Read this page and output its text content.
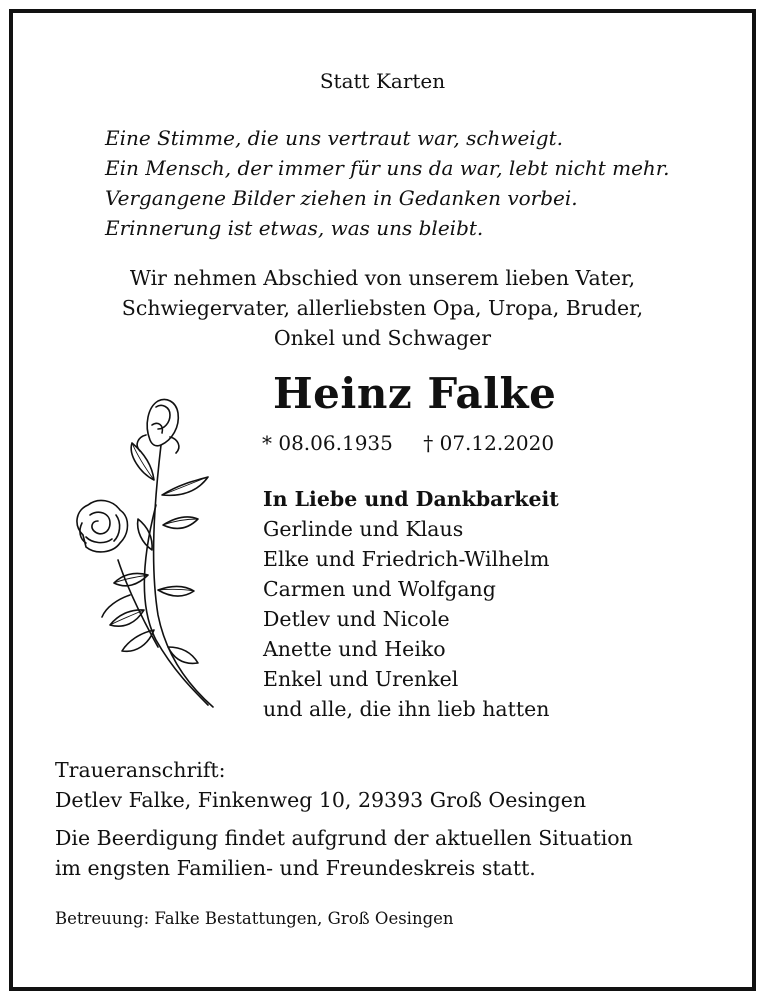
Statt Karten
Eine Stimme, die uns vertraut war, schweigt.
Ein Mensch, der immer für uns da war, lebt nicht mehr.
Vergangene Bilder ziehen in Gedanken vorbei.
Erinnerung ist etwas, was uns bleibt.
Wir nehmen Abschied von unserem lieben Vater,
Schwiegervater, allerliebsten Opa, Uropa, Bruder,
Onkel und Schwager
Heinz Falke
* 08.06.1935 † 07.12.2020
In Liebe und Dankbarkeit
Gerlinde und Klaus
Elke und Friedrich-Wilhelm
Carmen und Wolfgang
Detlev und Nicole
Anette und Heiko
Enkel und Urenkel
und alle, die ihn lieb hatten
Traueranschrift:
Detlev Falke, Finkenweg 10, 29393 Groß Oesingen
Die Beerdigung findet aufgrund der aktuellen Situation
im engsten Familien- und Freundeskreis statt.
Betreuung: Falke Bestattungen, Groß Oesingen
